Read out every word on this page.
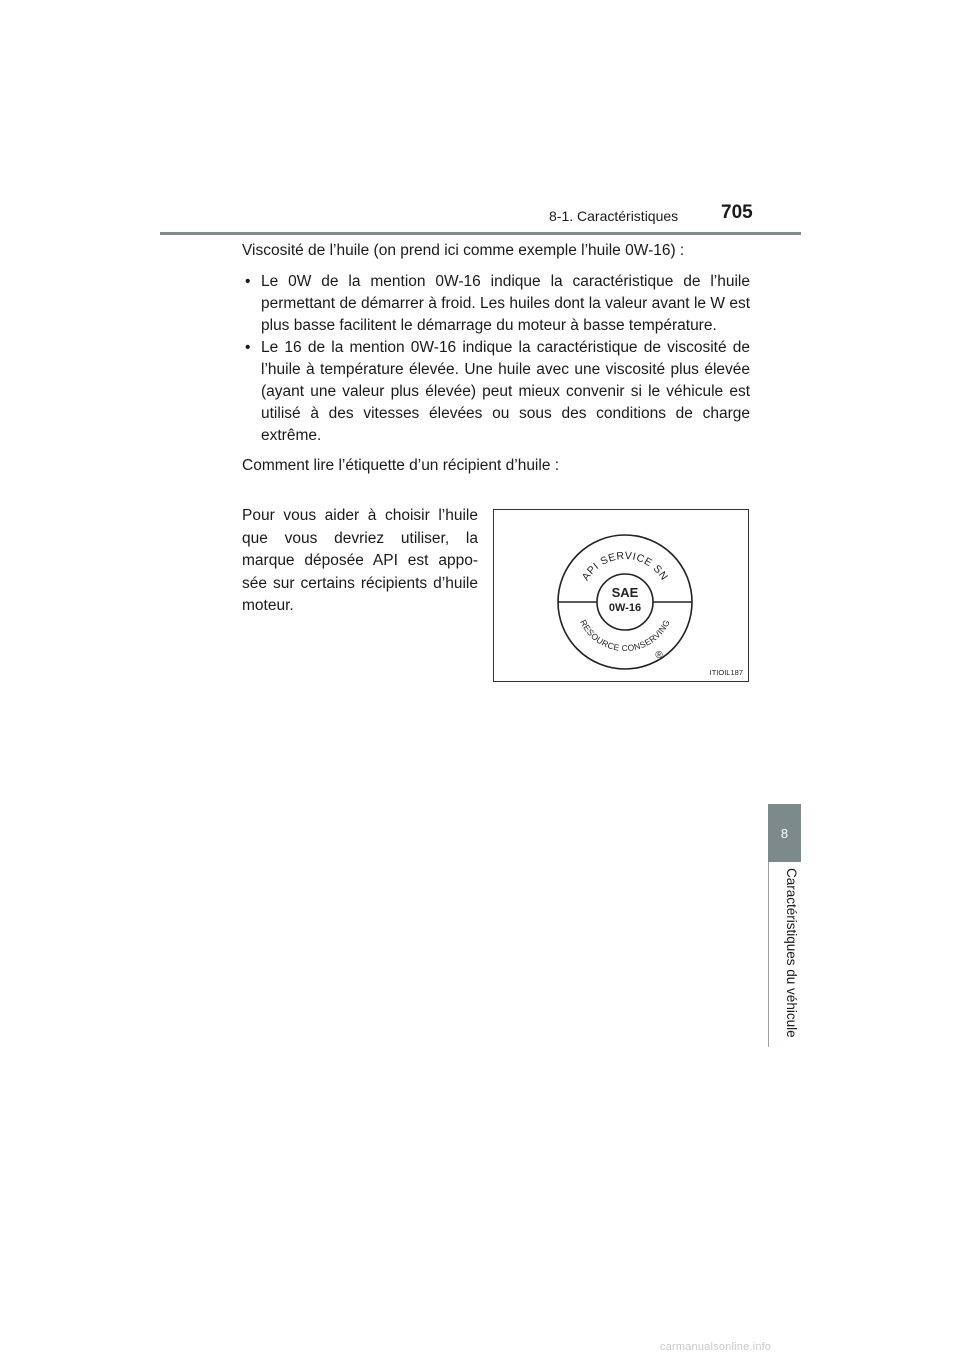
8-1. Caractéristiques 705

Viscosité de l’huile (on prend ici comme exemple l’huile 0W-16) :

• Le 0W de la mention 0W-16 indique la caractéristique de l’huile permettant de démarrer à froid. Les huiles dont la valeur avant le W est plus basse facilitent le démarrage du moteur à basse température.
• Le 16 de la mention 0W-16 indique la caractéristique de viscosité de l’huile à température élevée. Une huile avec une viscosité plus élevée (ayant une valeur plus élevée) peut mieux convenir si le véhicule est utilisé à des vitesses élevées ou sous des conditions de charge extrême.

Comment lire l’étiquette d’un récipient d’huile :

Pour vous aider à choisir l’huile que vous devriez utiliser, la marque déposée API est appo-sée sur certains récipients d’huile moteur.
API SERVICE SN
RESOURCE CONSERVING
SAE
0W-16
®
ITIOIL187
8
Caractéristiques du véhicule
carmanualsonline.info
